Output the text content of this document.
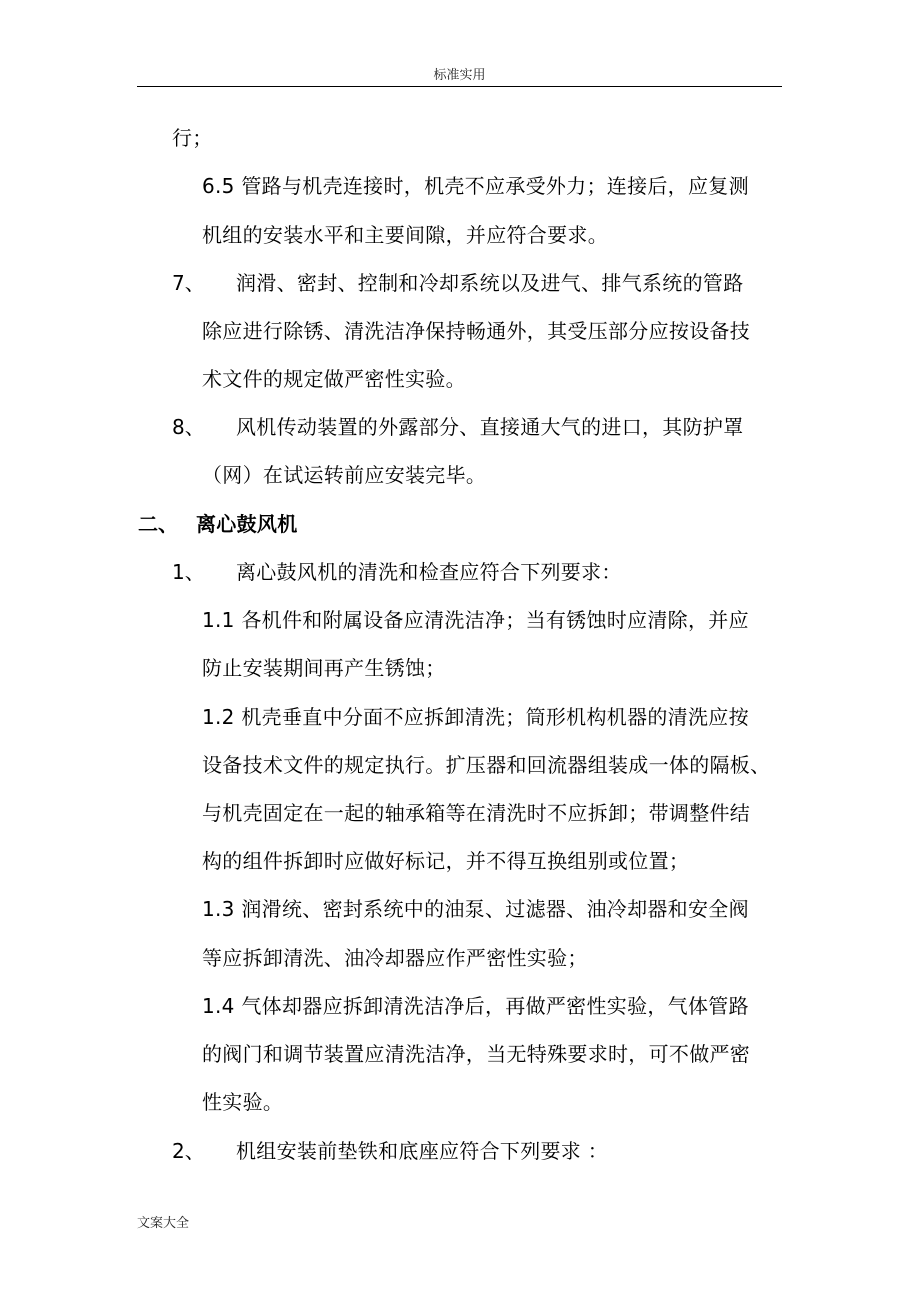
标准实用
行；
6.5 管路与机壳连接时，机壳不应承受外力；连接后，应复测
机组的安装水平和主要间隙，并应符合要求。
7、 润滑、密封、控制和冷却系统以及进气、排气系统的管路
除应进行除锈、清洗洁净保持畅通外，其受压部分应按设备技
术文件的规定做严密性实验。
8、 风机传动装置的外露部分、直接通大气的进口，其防护罩
（网）在试运转前应安装完毕。
二、 离心鼓风机
1、 离心鼓风机的清洗和检查应符合下列要求：
1.1 各机件和附属设备应清洗洁净；当有锈蚀时应清除，并应
防止安装期间再产生锈蚀；
1.2 机壳垂直中分面不应拆卸清洗；筒形机构机器的清洗应按
设备技术文件的规定执行。扩压器和回流器组装成一体的隔板、
与机壳固定在一起的轴承箱等在清洗时不应拆卸；带调整件结
构的组件拆卸时应做好标记，并不得互换组别或位置；
1.3 润滑统、密封系统中的油泵、过滤器、油冷却器和安全阀
等应拆卸清洗、油冷却器应作严密性实验；
1.4 气体却器应拆卸清洗洁净后，再做严密性实验，气体管路
的阀门和调节装置应清洗洁净，当无特殊要求时，可不做严密
性实验。
2、 机组安装前垫铁和底座应符合下列要求 ：
文案大全
